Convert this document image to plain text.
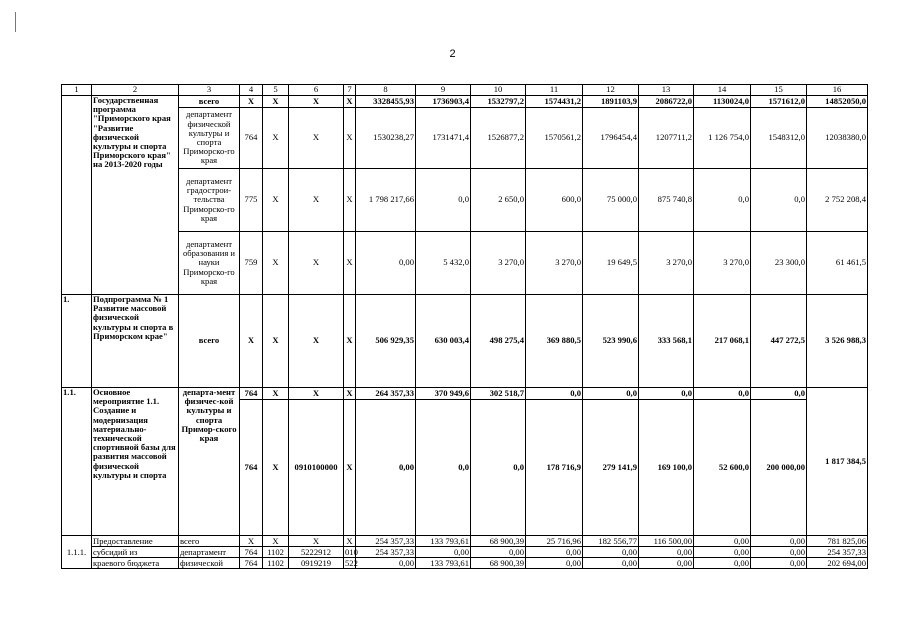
2
1	2	3	4	5	6	7	8	9	10	11	12	13	14	15	16
	Государственная программа "Приморского края "Развитие физической культуры и спорта Приморского края" на 2013-2020 годы	всего	X	X	X	X	3328455,93	1736903,4	1532797,2	1574431,2	1891103,9	2086722,0	1130024,0	1571612,0	14852050,0
		департамент физической культуры и спорта Приморско-го края	764	X	X	X	1530238,27	1731471,4	1526877,2	1570561,2	1796454,4	1207711,2	1 126 754,0	1548312,0	12038380,0
		департамент градострои-тельства Приморско-го края	775	X	X	X	1 798 217,66	0,0	2 650,0	600,0	75 000,0	875 740,8	0,0	0,0	2 752 208,4
		департамент образования и науки Приморско-го края	759	X	X	X	0,00	5 432,0	3 270,0	3 270,0	19 649,5	3 270,0	3 270,0	23 300,0	61 461,5
1.	Подпрограмма № 1 Развитие массовой физической культуры и спорта в Приморском крае"	всего	X	X	X	X	506 929,35	630 003,4	498 275,4	369 880,5	523 990,6	333 568,1	217 068,1	447 272,5	3 526 988,3
1.1.	Основное мероприятие 1.1. Создание и модернизация материально-технической спортивной базы для развития массовой физической культуры и спорта	департа-мент физичес-кой культуры и спорта Примор-ского края	764	X	X	X	264 357,33	370 949,6	302 518,7	0,0	0,0	0,0	0,0	0,0	1 817 384,5
			764	X	0910100000	X	0,00	0,0	0,0	178 716,9	279 141,9	169 100,0	52 600,0	200 000,00	
1.1.1.	Предоставление	всего	X	X	X	X	254 357,33	133 793,61	68 900,39	25 716,96	182 556,77	116 500,00	0,00	0,00	781 825,06
	субсидий из	департамент	764	1102	5222912	010	254 357,33	0,00	0,00	0,00	0,00	0,00	0,00	0,00	254 357,33
	краевого бюджета	физической	764	1102	0919219	522	0,00	133 793,61	68 900,39	0,00	0,00	0,00	0,00	0,00	202 694,00
